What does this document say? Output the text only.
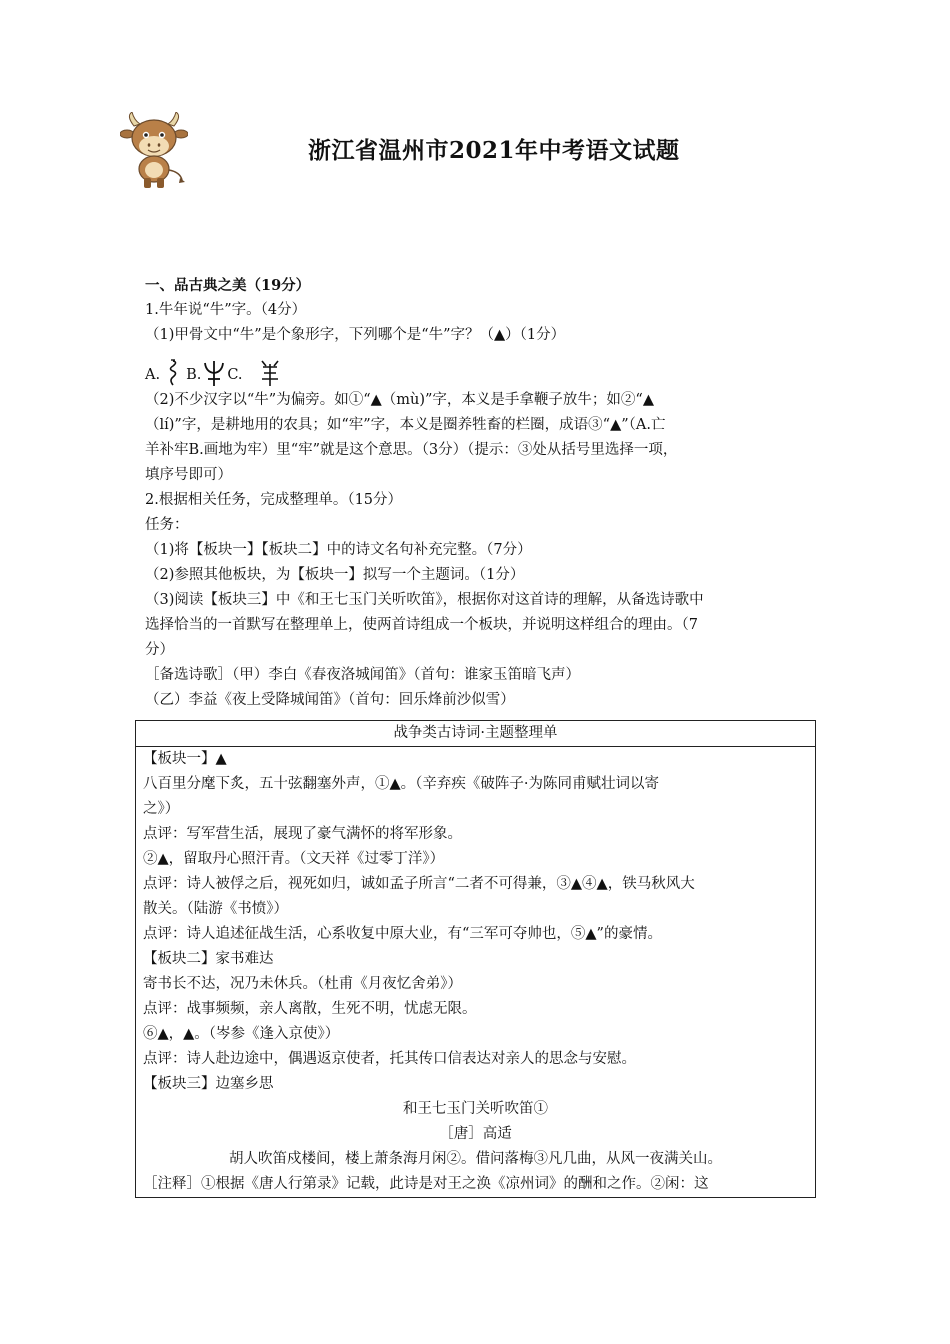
浙江省温州市2021年中考语文试题

一、品古典之美（19分）

1.牛年说“牛”字。（4分）

（1)甲骨文中“牛”是个象形字，下列哪个是“牛”字？（▲）（1分）

A. B. C.

（2)不少汉字以“牛”为偏旁。如①“▲（mù)”字，本义是手拿鞭子放牛；如②“▲

（lí)”字，是耕地用的农具；如“牢”字，本义是圈养牲畜的栏圈，成语③“▲”（A.亡

羊补牢B.画地为牢）里“牢”就是这个意思。（3分）（提示：③处从括号里选择一项，

填序号即可）

2.根据相关任务，完成整理单。（15分）

任务：

（1)将【板块一】【板块二】中的诗文名句补充完整。（7分）

（2)参照其他板块，为【板块一】拟写一个主题词。（1分）

（3)阅读【板块三】中《和王七玉门关听吹笛》，根据你对这首诗的理解，从备选诗歌中

选择恰当的一首默写在整理单上，使两首诗组成一个板块，并说明这样组合的理由。（7

分）

［备选诗歌］（甲）李白《春夜洛城闻笛》（首句：谁家玉笛暗飞声）

（乙）李益《夜上受降城闻笛》（首句：回乐烽前沙似雪）

战争类古诗词·主题整理单

【板块一】▲
八百里分麾下炙，五十弦翻塞外声，①▲。（辛弃疾《破阵子·为陈同甫赋壮词以寄
之》）
点评：写军营生活，展现了豪气满怀的将军形象。
②▲，留取丹心照汗青。（文天祥《过零丁洋》）
点评：诗人被俘之后，视死如归，诚如孟子所言“二者不可得兼，③▲④▲，铁马秋风大
散关。（陆游《书愤》）
点评：诗人追述征战生活，心系收复中原大业，有“三军可夺帅也，⑤▲”的豪情。
【板块二】家书难达
寄书长不达，况乃未休兵。（杜甫《月夜忆舍弟》）
点评：战事频频，亲人离散，生死不明，忧虑无限。
⑥▲，▲。（岑参《逢入京使》）
点评：诗人赴边途中，偶遇返京使者，托其传口信表达对亲人的思念与安慰。
【板块三】边塞乡思
和王七玉门关听吹笛①
［唐］高适
胡人吹笛戍楼间，楼上萧条海月闲②。借问落梅③凡几曲，从风一夜满关山。
［注释］①根据《唐人行第录》记载，此诗是对王之涣《凉州词》的酬和之作。②闲：这
